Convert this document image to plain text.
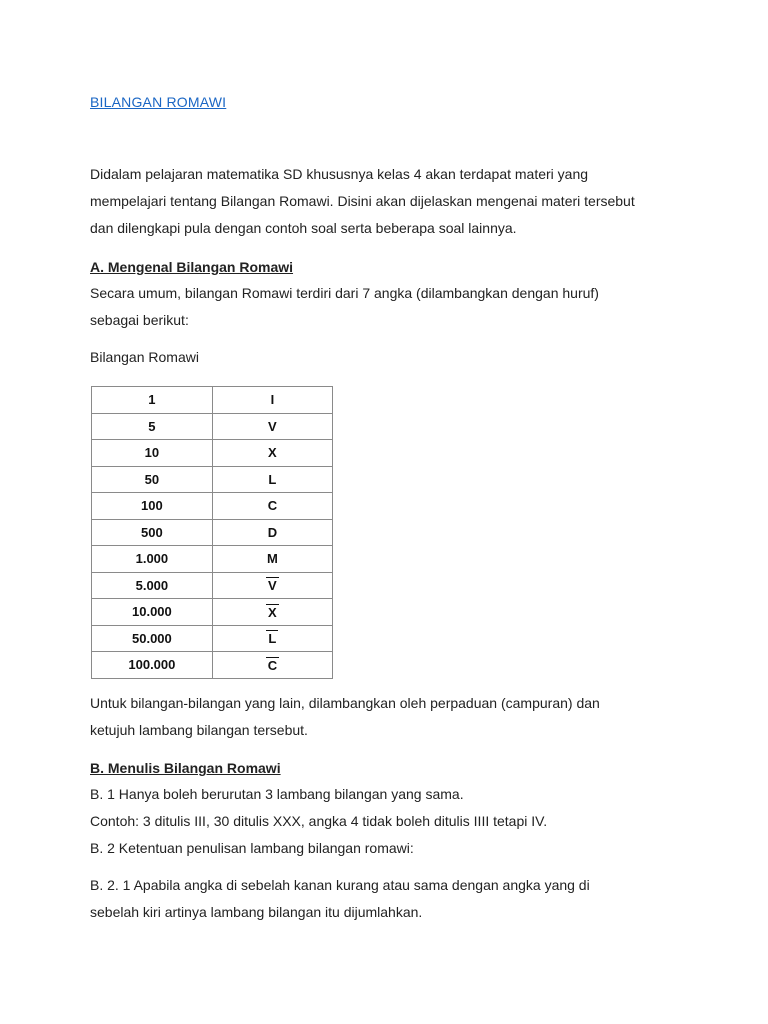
BILANGAN ROMAWI

Didalam pelajaran matematika SD khususnya kelas 4 akan terdapat materi yang
mempelajari tentang Bilangan Romawi. Disini akan dijelaskan mengenai materi tersebut
dan dilengkapi pula dengan contoh soal serta beberapa soal lainnya.

A. Mengenal Bilangan Romawi

Secara umum, bilangan Romawi terdiri dari 7 angka (dilambangkan dengan huruf)
sebagai berikut:

Bilangan Romawi

1	I
5	V
10	X
50	L
100	C
500	D
1.000	M
5.000	V
10.000	X
50.000	L
100.000	C

Untuk bilangan-bilangan yang lain, dilambangkan oleh perpaduan (campuran) dan
ketujuh lambang bilangan tersebut.

B. Menulis Bilangan Romawi

B. 1 Hanya boleh berurutan 3 lambang bilangan yang sama.
Contoh: 3 ditulis III, 30 ditulis XXX, angka 4 tidak boleh ditulis IIII tetapi IV.
B. 2 Ketentuan penulisan lambang bilangan romawi:

B. 2. 1 Apabila angka di sebelah kanan kurang atau sama dengan angka yang di
sebelah kiri artinya lambang bilangan itu dijumlahkan.
